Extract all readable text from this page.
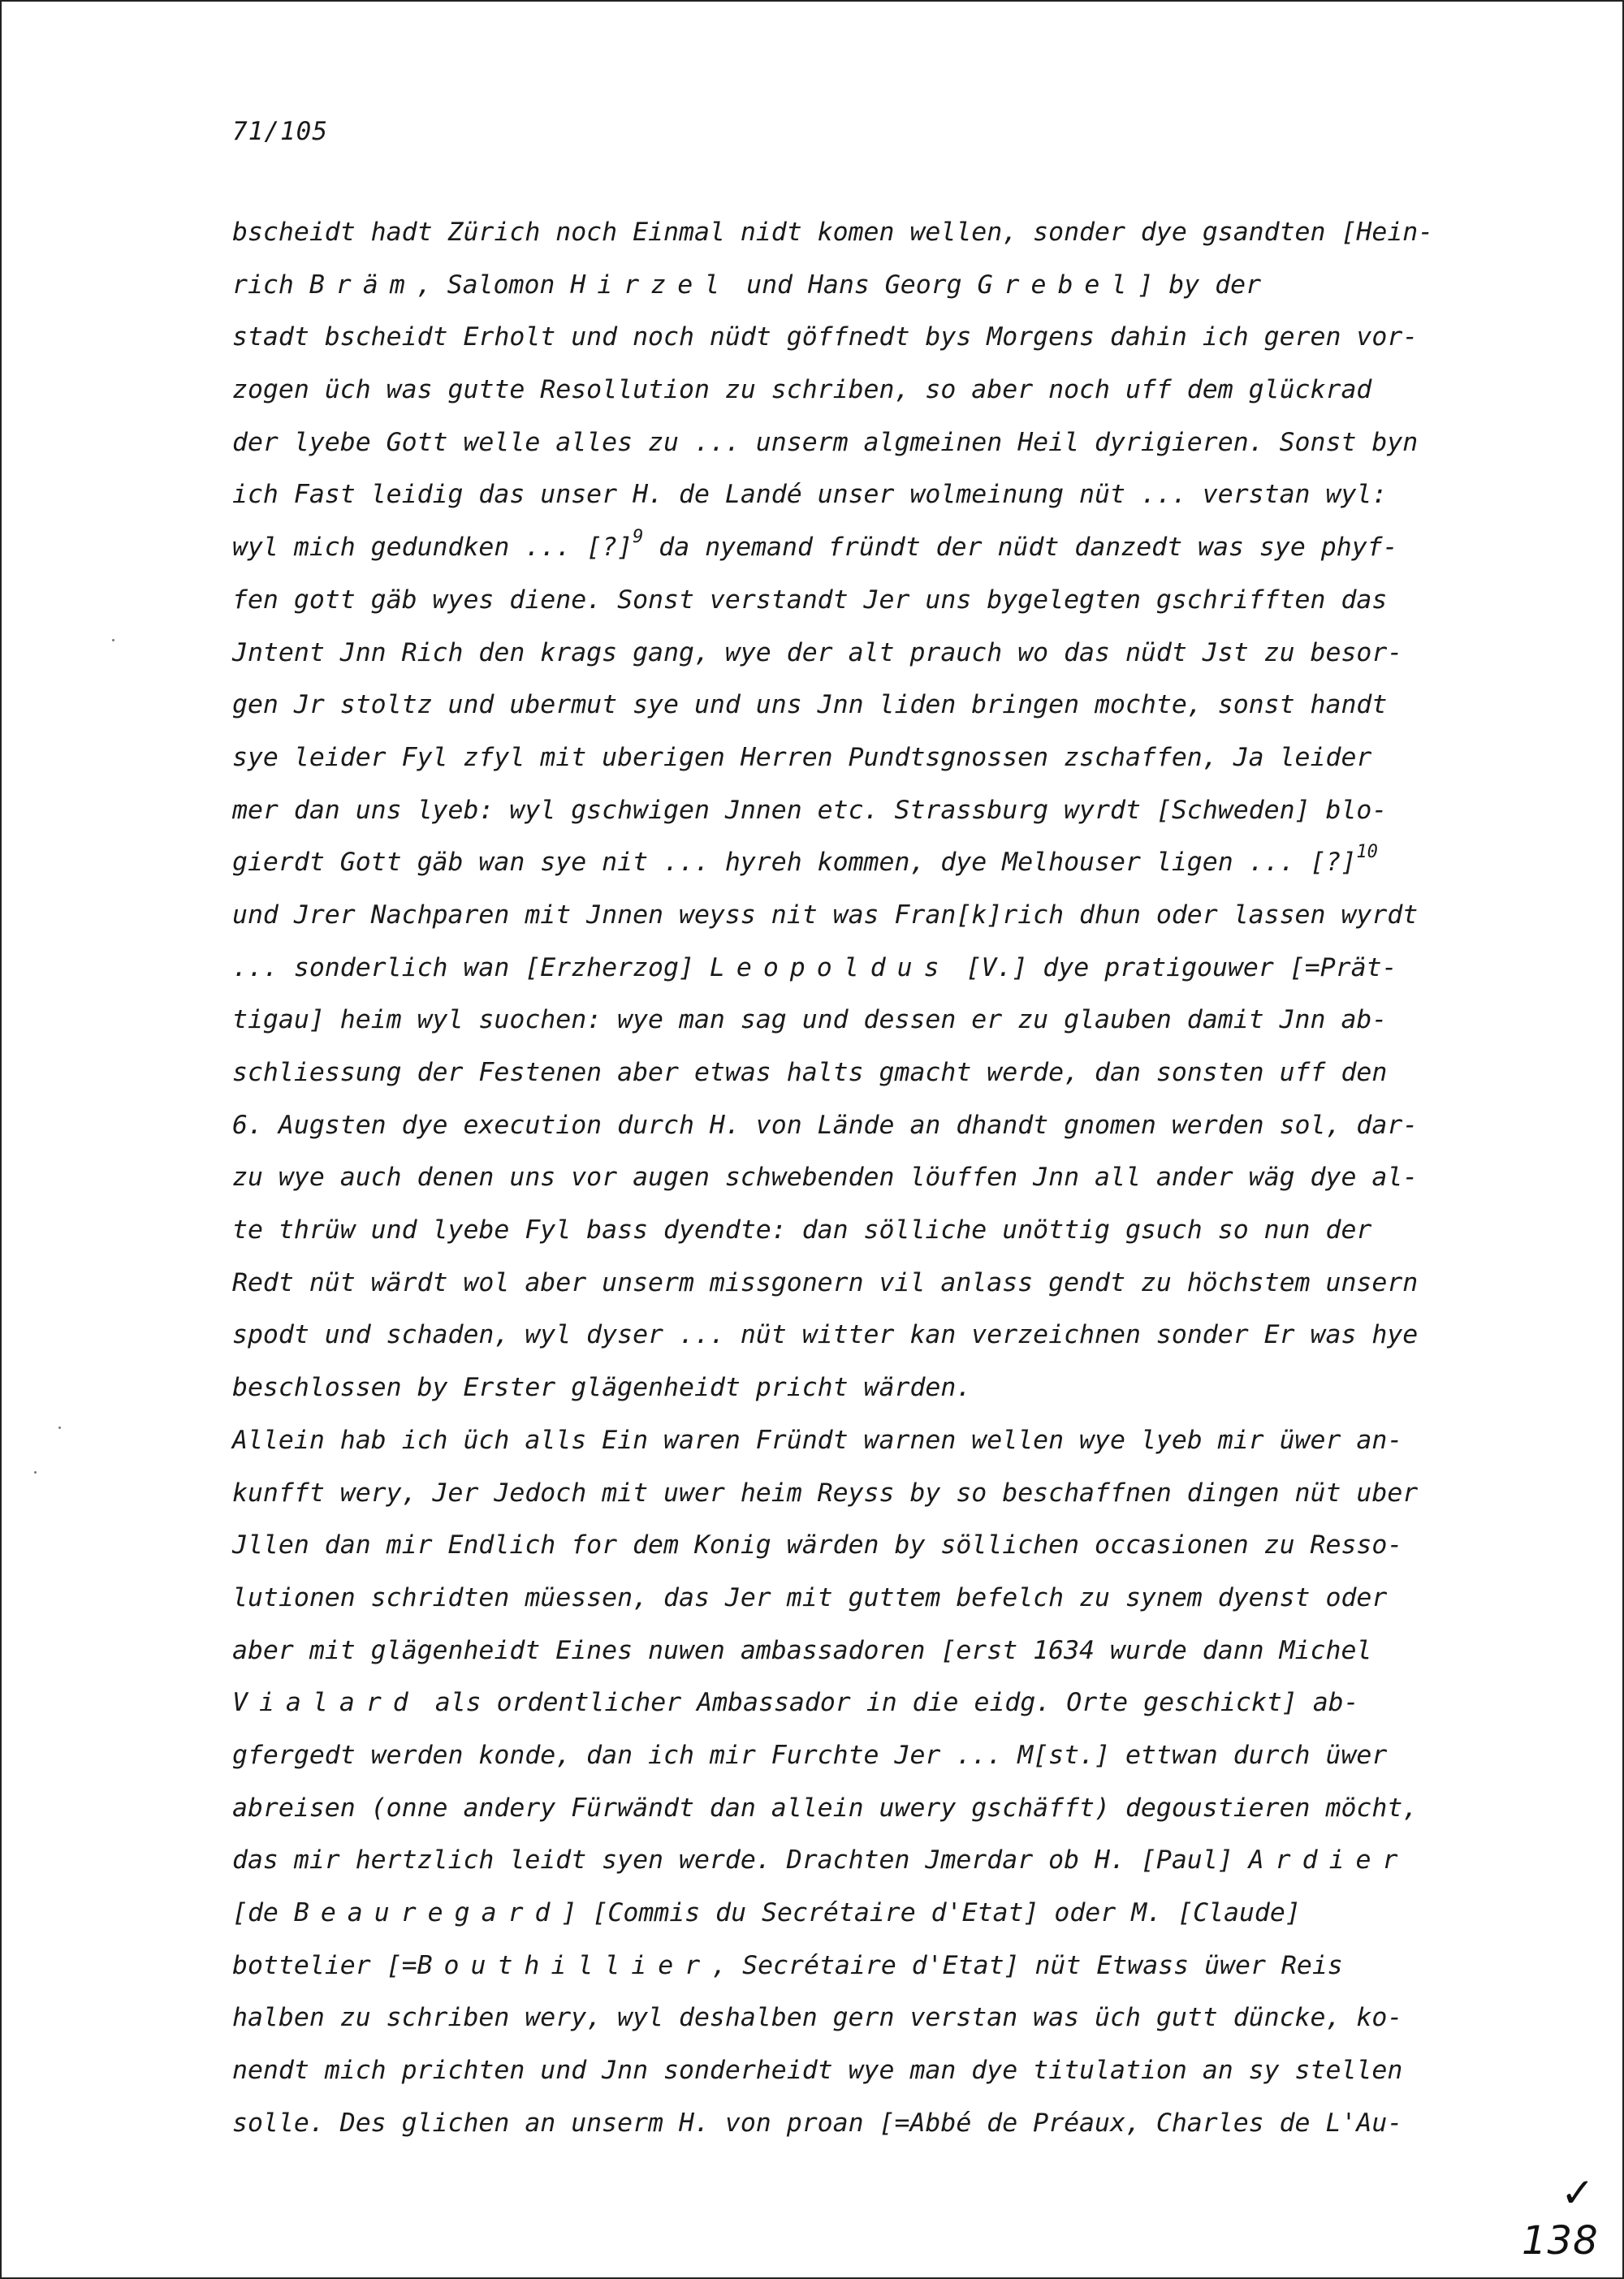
71/105
bscheidt hadt Zürich noch Einmal nidt komen wellen, sonder dye gsandten [Hein-
rich Bräm, Salomon Hirzel und Hans Georg Grebel] by der
stadt bscheidt Erholt und noch nüdt göffnedt bys Morgens dahin ich geren vor-
zogen üch was gutte Resollution zu schriben, so aber noch uff dem glückrad
der lyebe Gott welle alles zu ... unserm algmeinen Heil dyrigieren. Sonst byn
ich Fast leidig das unser H. de Landé unser wolmeinung nüt ... verstan wyl:
wyl mich gedundken ... [?]$^9$ da nyemand fründt der nüdt danzedt was sye phyf-
fen gott gäb wyes diene. Sonst verstandt Jer uns bygelegten gschrifften das
Jntent Jnn Rich den krags gang, wye der alt prauch wo das nüdt Jst zu besor-
gen Jr stoltz und ubermut sye und uns Jnn liden bringen mochte, sonst handt
sye leider Fyl zfyl mit uberigen Herren Pundtsgnossen zschaffen, Ja leider
mer dan uns lyeb: wyl gschwigen Jnnen etc. Strassburg wyrdt [Schweden] blo-
gierdt Gott gäb wan sye nit ... hyreh kommen, dye Melhouser ligen ... [?]$^{10}$
und Jrer Nachparen mit Jnnen weyss nit was Fran[k]rich dhun oder lassen wyrdt
... sonderlich wan [Erzherzog] Leopoldus [V.] dye pratigouwer [=Prät-
tigau] heim wyl suochen: wye man sag und dessen er zu glauben damit Jnn ab-
schliessung der Festenen aber etwas halts gmacht werde, dan sonsten uff den
6. Augsten dye execution durch H. von Lände an dhandt gnomen werden sol, dar-
zu wye auch denen uns vor augen schwebenden löuffen Jnn all ander wäg dye al-
te thrüw und lyebe Fyl bass dyendte: dan sölliche unöttig gsuch so nun der
Redt nüt wärdt wol aber unserm missgonern vil anlass gendt zu höchstem unsern
spodt und schaden, wyl dyser ... nüt witter kan verzeichnen sonder Er was hye
beschlossen by Erster glägenheidt pricht wärden.
Allein hab ich üch alls Ein waren Fründt warnen wellen wye lyeb mir üwer an-
kunfft wery, Jer Jedoch mit uwer heim Reyss by so beschaffnen dingen nüt uber
Jllen dan mir Endlich for dem Konig wärden by söllichen occasionen zu Resso-
lutionen schridten müessen, das Jer mit guttem befelch zu synem dyenst oder
aber mit glägenheidt Eines nuwen ambassadoren [erst 1634 wurde dann Michel
Vialard als ordentlicher Ambassador in die eidg. Orte geschickt] ab-
gfergedt werden konde, dan ich mir Furchte Jer ... M[st.] ettwan durch üwer
abreisen (onne andery Fürwändt dan allein uwery gschäfft) degoustieren möcht,
das mir hertzlich leidt syen werde. Drachten Jmerdar ob H. [Paul] Ardier
[de Beauregard] [Commis du Secrétaire d'Etat] oder M. [Claude]
bottelier [=Bouthillier, Secrétaire d'Etat] nüt Etwass üwer Reis
halben zu schriben wery, wyl deshalben gern verstan was üch gutt düncke, ko-
nendt mich prichten und Jnn sonderheidt wye man dye titulation an sy stellen
solle. Des glichen an unserm H. von proan [=Abbé de Préaux, Charles de L'Au-
✓
138
